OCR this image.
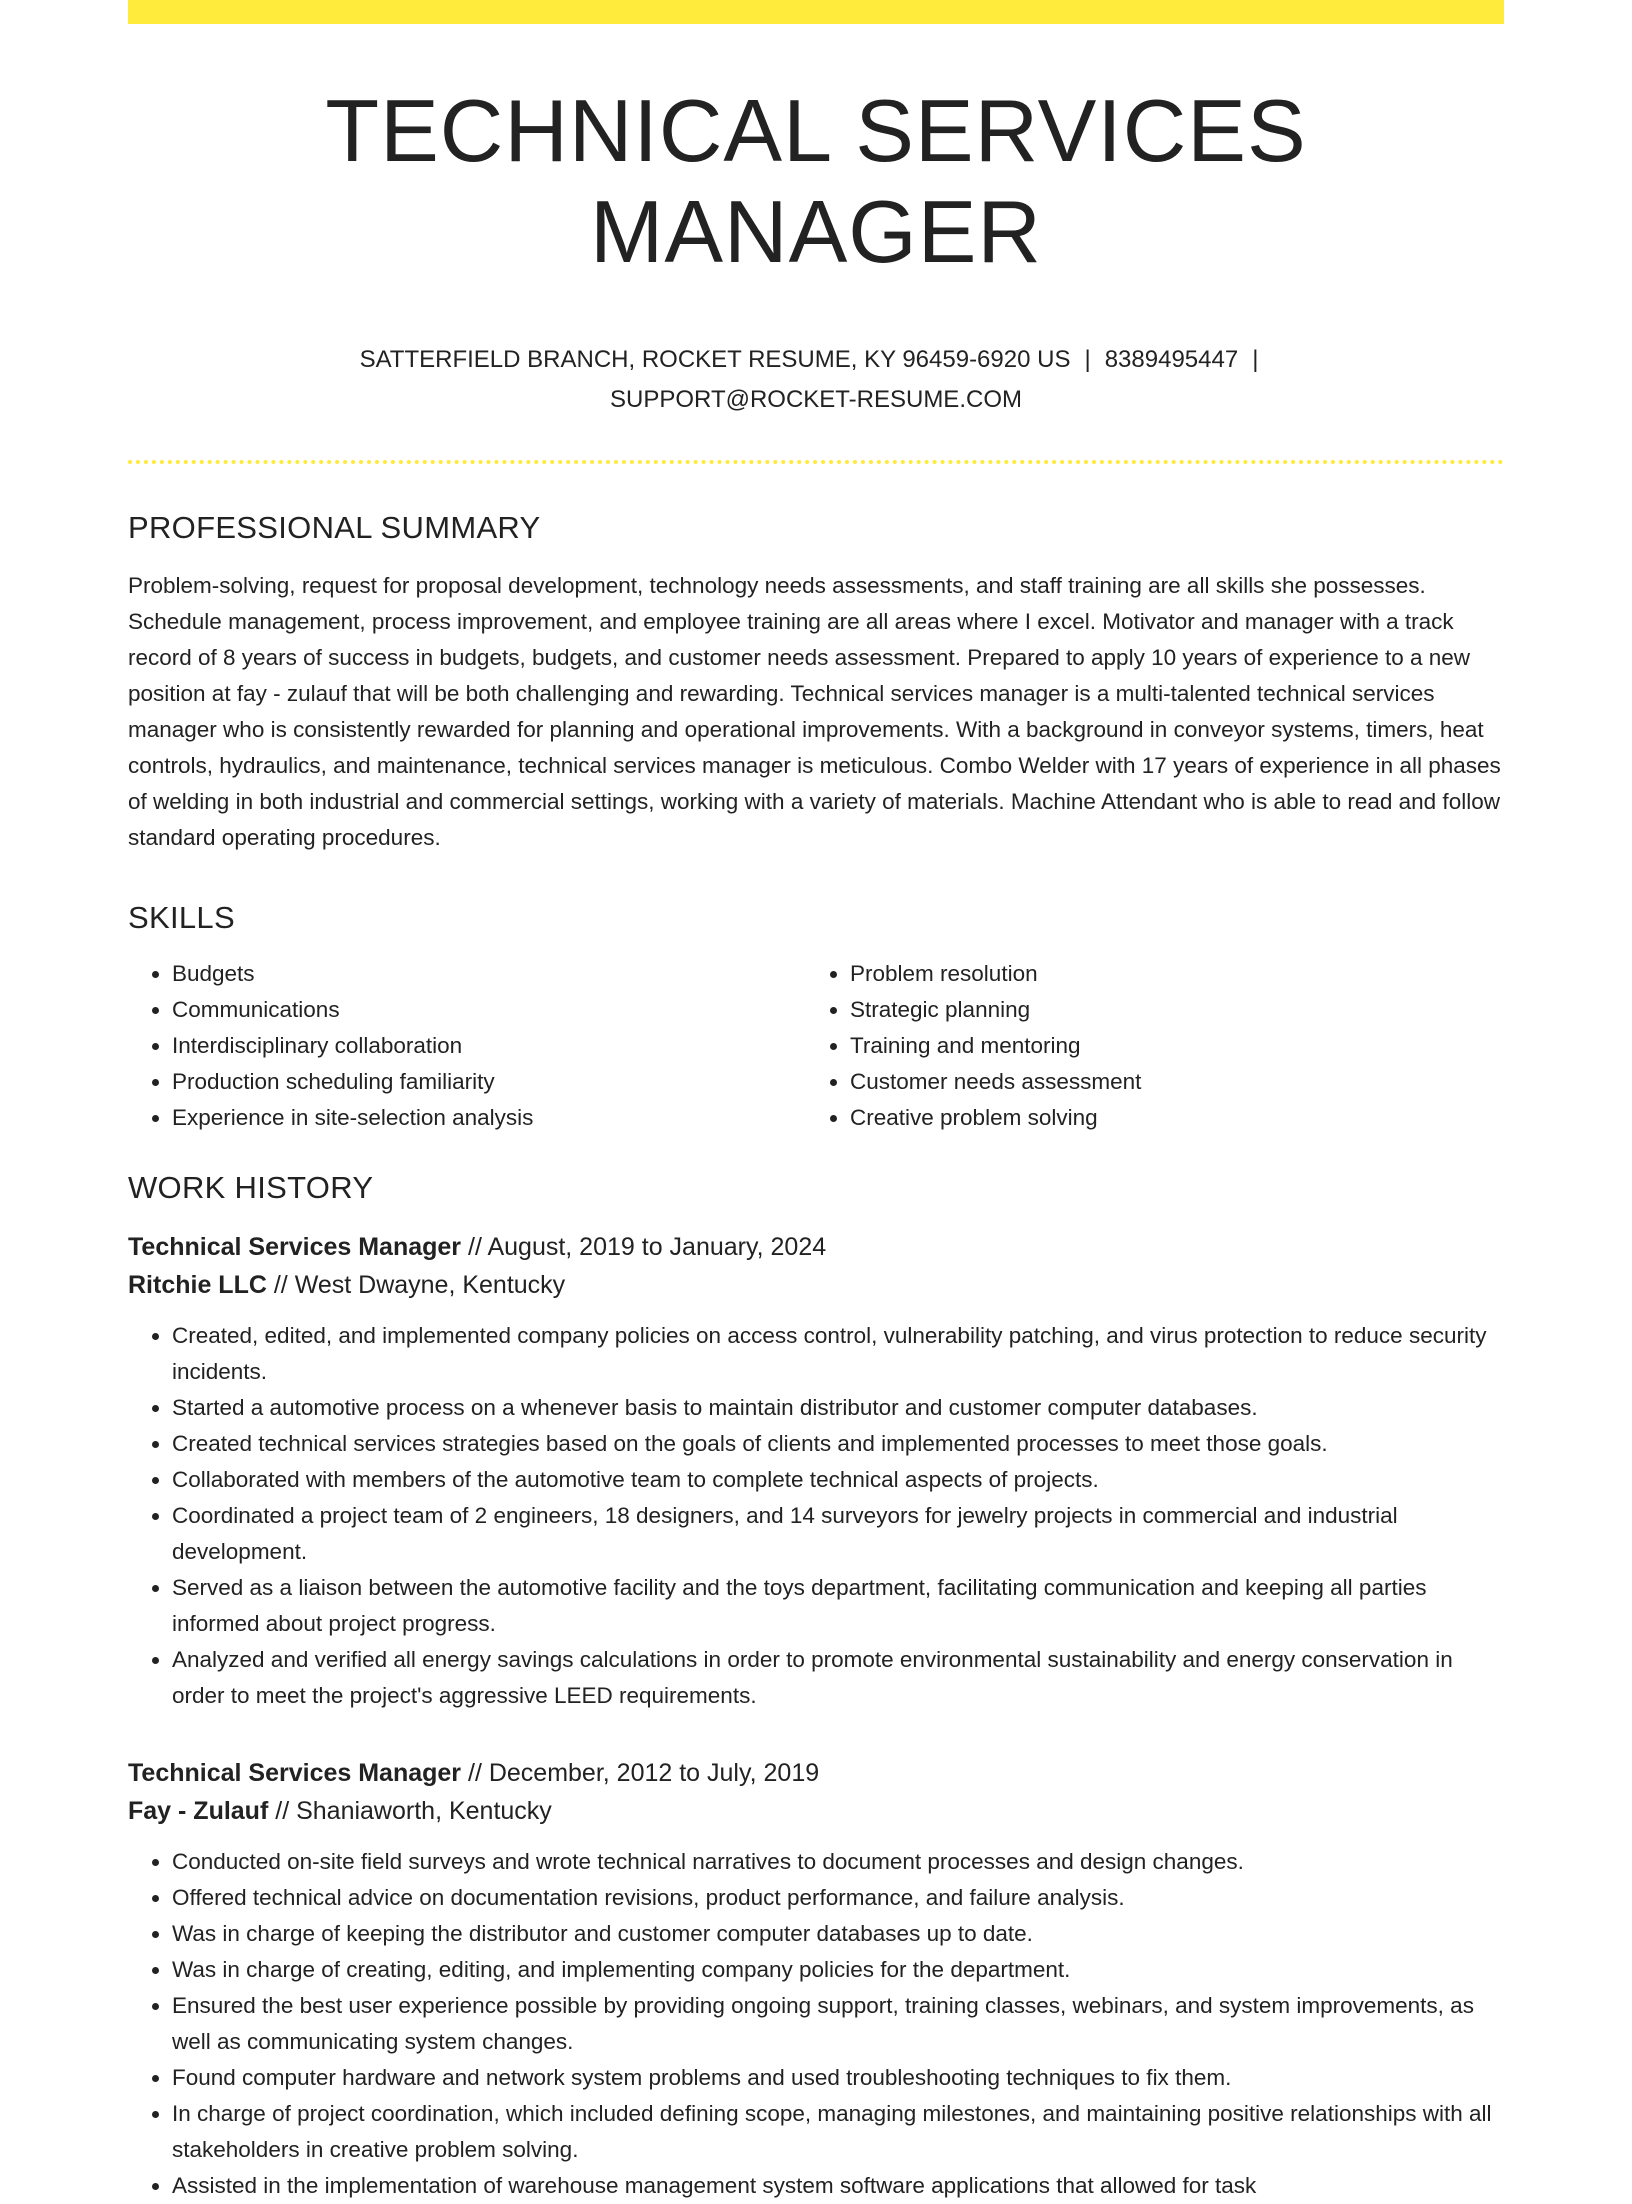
TECHNICAL SERVICES MANAGER
SATTERFIELD BRANCH, ROCKET RESUME, KY 96459-6920 US | 8389495447 |
SUPPORT@ROCKET-RESUME.COM
PROFESSIONAL SUMMARY
Problem-solving, request for proposal development, technology needs assessments, and staff training are all skills she possesses. Schedule management, process improvement, and employee training are all areas where I excel. Motivator and manager with a track record of 8 years of success in budgets, budgets, and customer needs assessment. Prepared to apply 10 years of experience to a new position at fay - zulauf that will be both challenging and rewarding. Technical services manager is a multi-talented technical services manager who is consistently rewarded for planning and operational improvements. With a background in conveyor systems, timers, heat controls, hydraulics, and maintenance, technical services manager is meticulous. Combo Welder with 17 years of experience in all phases of welding in both industrial and commercial settings, working with a variety of materials. Machine Attendant who is able to read and follow standard operating procedures.
SKILLS
• Budgets
• Communications
• Interdisciplinary collaboration
• Production scheduling familiarity
• Experience in site-selection analysis
• Problem resolution
• Strategic planning
• Training and mentoring
• Customer needs assessment
• Creative problem solving
WORK HISTORY
Technical Services Manager // August, 2019 to January, 2024
Ritchie LLC // West Dwayne, Kentucky
• Created, edited, and implemented company policies on access control, vulnerability patching, and virus protection to reduce security incidents.
• Started a automotive process on a whenever basis to maintain distributor and customer computer databases.
• Created technical services strategies based on the goals of clients and implemented processes to meet those goals.
• Collaborated with members of the automotive team to complete technical aspects of projects.
• Coordinated a project team of 2 engineers, 18 designers, and 14 surveyors for jewelry projects in commercial and industrial development.
• Served as a liaison between the automotive facility and the toys department, facilitating communication and keeping all parties informed about project progress.
• Analyzed and verified all energy savings calculations in order to promote environmental sustainability and energy conservation in order to meet the project's aggressive LEED requirements.
Technical Services Manager // December, 2012 to July, 2019
Fay - Zulauf // Shaniaworth, Kentucky
• Conducted on-site field surveys and wrote technical narratives to document processes and design changes.
• Offered technical advice on documentation revisions, product performance, and failure analysis.
• Was in charge of keeping the distributor and customer computer databases up to date.
• Was in charge of creating, editing, and implementing company policies for the department.
• Ensured the best user experience possible by providing ongoing support, training classes, webinars, and system improvements, as well as communicating system changes.
• Found computer hardware and network system problems and used troubleshooting techniques to fix them.
• In charge of project coordination, which included defining scope, managing milestones, and maintaining positive relationships with all stakeholders in creative problem solving.
• Assisted in the implementation of warehouse management system software applications that allowed for task
